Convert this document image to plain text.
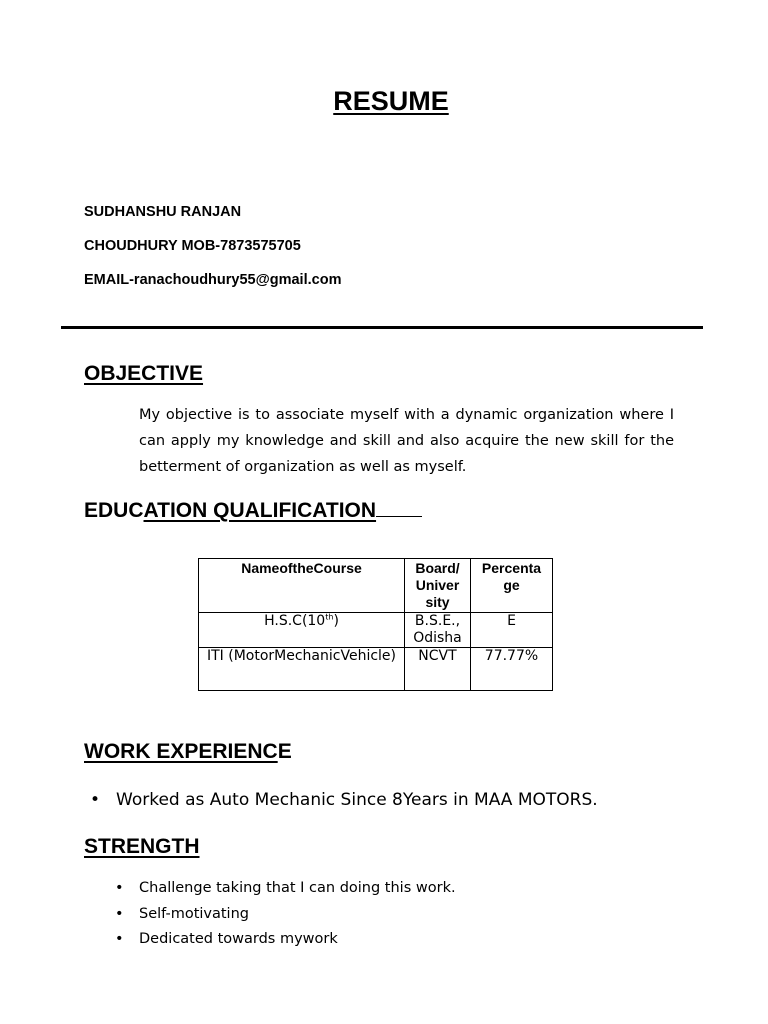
RESUME
SUDHANSHU RANJAN
CHOUDHURY MOB-7873575705
EMAIL-ranachoudhury55@gmail.com
OBJECTIVE
My objective is to associate myself with a dynamic organization where I can apply my knowledge and skill and also acquire the new skill for the betterment of organization as well as myself.
EDUCATION QUALIFICATION
NameoftheCourse	Board/ Univer sity	Percenta ge
H.S.C(10th)	B.S.E., Odisha	E
ITI (MotorMechanicVehicle)	NCVT	77.77%
WORK EXPERIENCE
• Worked as Auto Mechanic Since 8Years in MAA MOTORS.
STRENGTH
• Challenge taking that I can doing this work.
• Self-motivating
• Dedicated towards mywork
